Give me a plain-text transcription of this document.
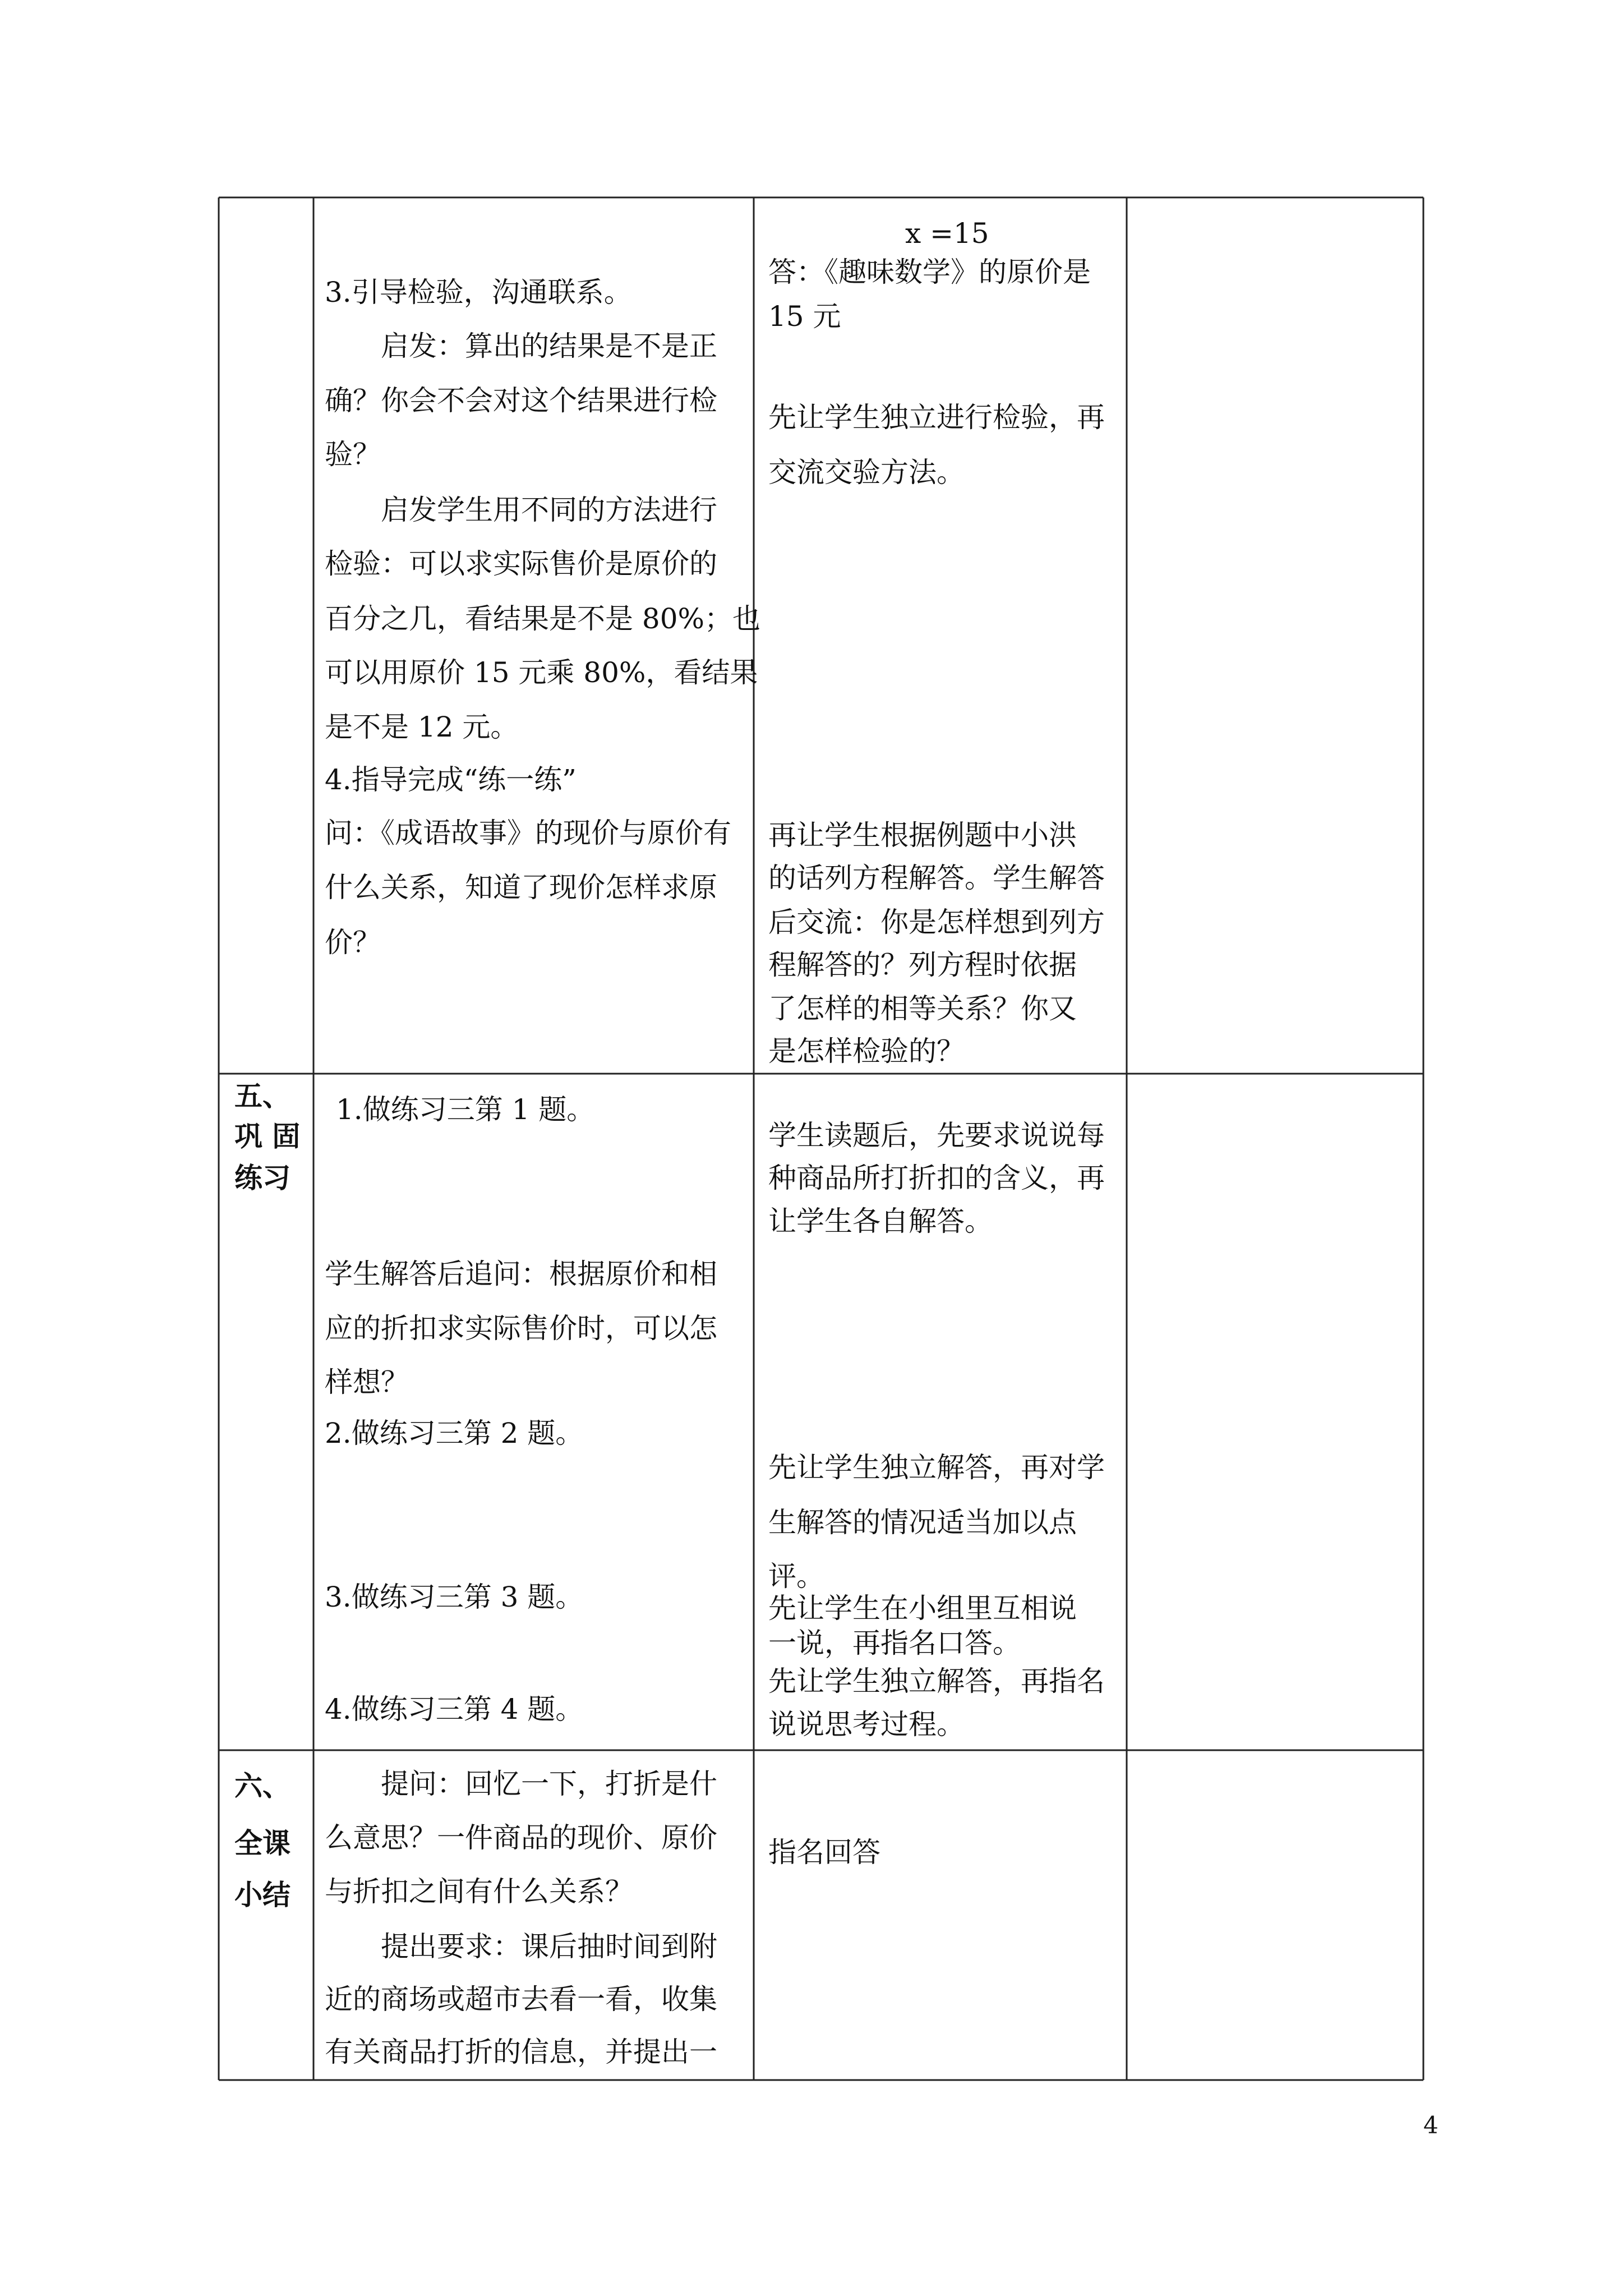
3.引导检验，沟通联系。
启发：算出的结果是不是正
确？你会不会对这个结果进行检
验？
启发学生用不同的方法进行
检验：可以求实际售价是原价的
百分之几，看结果是不是 80%；也
可以用原价 15 元乘 80%，看结果
是不是 12 元。
4.指导完成“练一练”
问：《成语故事》的现价与原价有
什么关系，知道了现价怎样求原
价？
x =15
答：《趣味数学》的原价是
15 元
先让学生独立进行检验，再
交流交验方法。
再让学生根据例题中小洪
的话列方程解答。学生解答
后交流：你是怎样想到列方
程解答的？列方程时依据
了怎样的相等关系？你又
是怎样检验的？
五、
巩 固
练习
1.做练习三第 1 题。
学生解答后追问：根据原价和相
应的折扣求实际售价时，可以怎
样想？
2.做练习三第 2 题。
3.做练习三第 3 题。
4.做练习三第 4 题。
学生读题后，先要求说说每
种商品所打折扣的含义，再
让学生各自解答。
先让学生独立解答，再对学
生解答的情况适当加以点
评。
先让学生在小组里互相说
一说，再指名口答。
先让学生独立解答，再指名
说说思考过程。
六、
全课
小结
提问：回忆一下，打折是什
么意思？一件商品的现价、原价
与折扣之间有什么关系？
提出要求：课后抽时间到附
近的商场或超市去看一看，收集
有关商品打折的信息，并提出一
指名回答
4
